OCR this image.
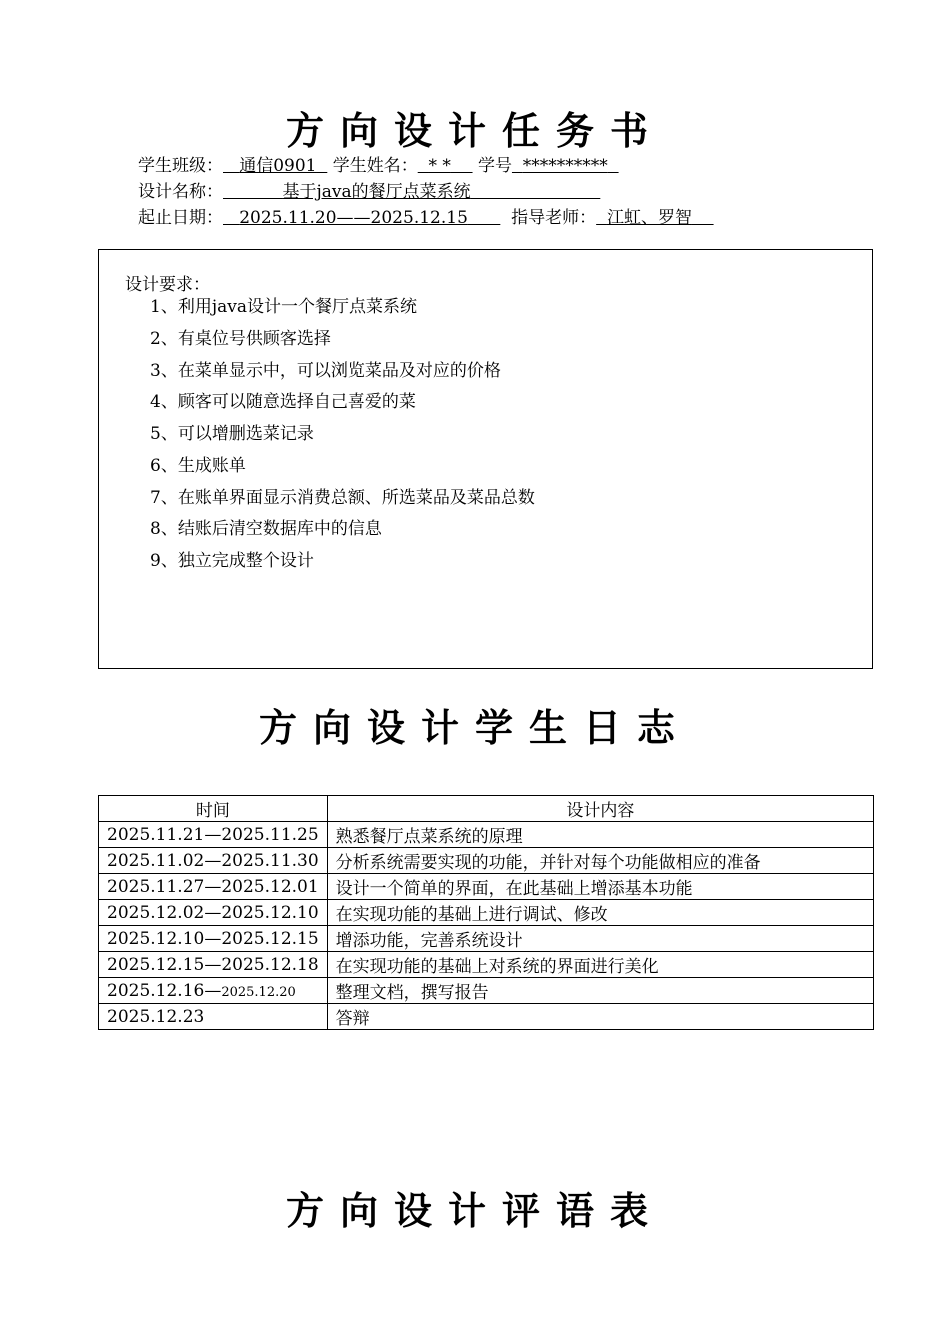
方向设计任务书
学生班级： 通信0901 学生姓名： * * 学号 **********
设计名称：	基于java的餐厅点菜系统
起止日期： 2025.11.20——2025.12.15	指导老师： 江虹、罗智
设计要求：
1、利用java设计一个餐厅点菜系统
2、有桌位号供顾客选择
3、在菜单显示中，可以浏览菜品及对应的价格
4、顾客可以随意选择自己喜爱的菜
5、可以增删选菜记录
6、生成账单
7、在账单界面显示消费总额、所选菜品及菜品总数
8、结账后清空数据库中的信息
9、独立完成整个设计
方向设计学生日志
时间	设计内容
2025.11.21—2025.11.25	熟悉餐厅点菜系统的原理
2025.11.02—2025.11.30	分析系统需要实现的功能，并针对每个功能做相应的准备
2025.11.27—2025.12.01	设计一个简单的界面，在此基础上增添基本功能
2025.12.02—2025.12.10	在实现功能的基础上进行调试、修改
2025.12.10—2025.12.15	增添功能，完善系统设计
2025.12.15—2025.12.18	在实现功能的基础上对系统的界面进行美化
2025.12.16—2025.12.20	整理文档，撰写报告
2025.12.23	答辩
方向设计评语表
